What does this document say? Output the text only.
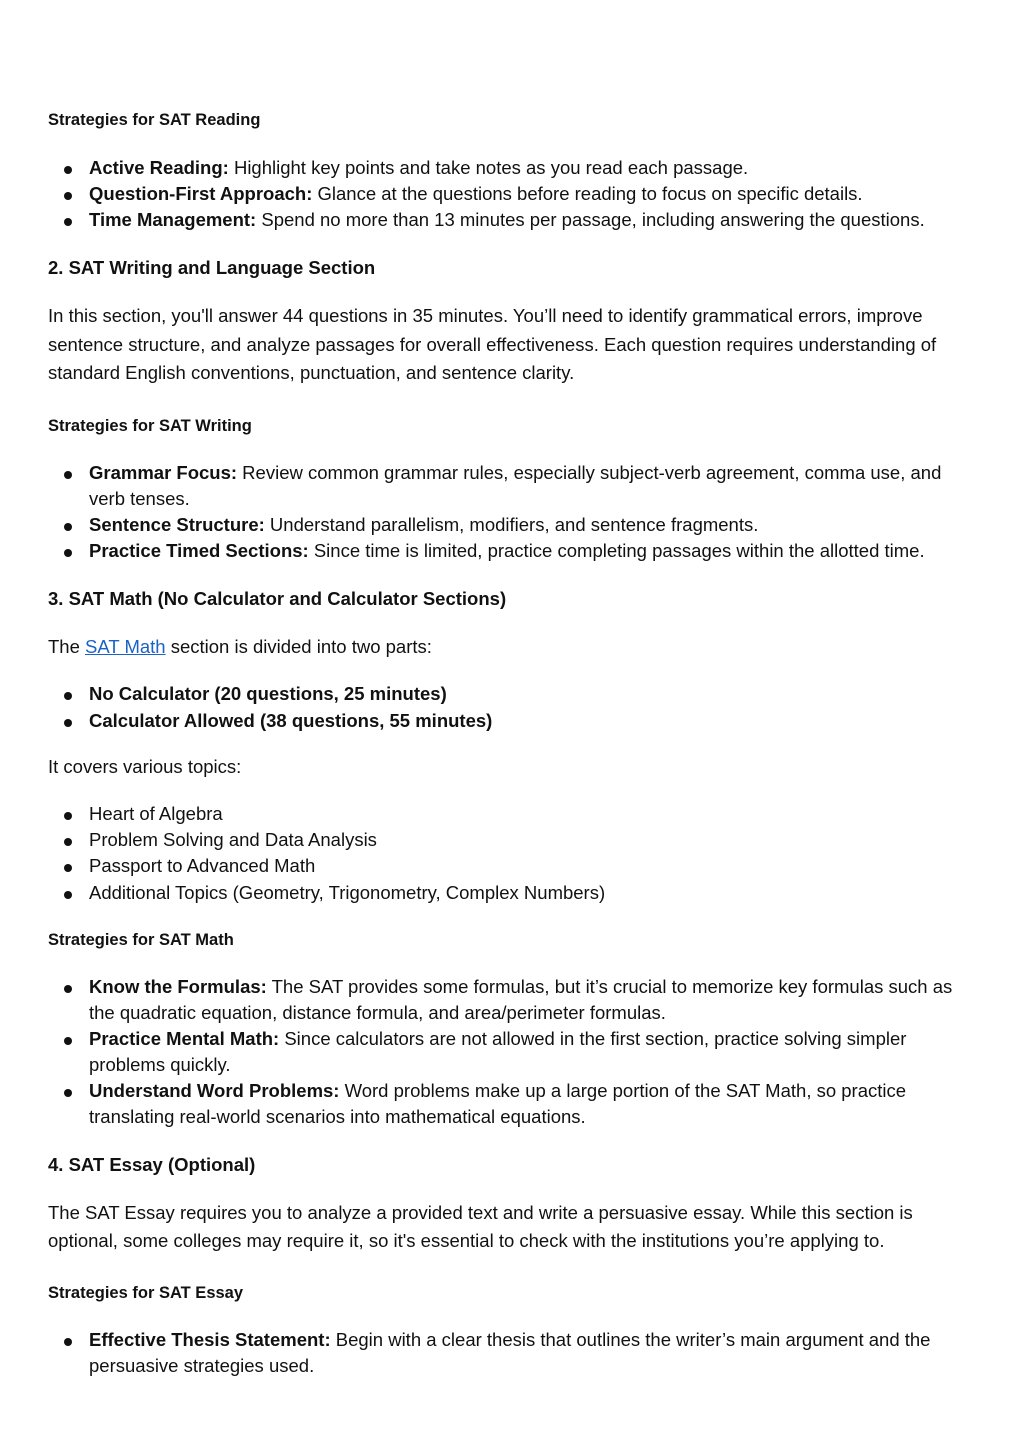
Strategies for SAT Reading

Active Reading: Highlight key points and take notes as you read each passage.
Question-First Approach: Glance at the questions before reading to focus on specific details.
Time Management: Spend no more than 13 minutes per passage, including answering the questions.

2. SAT Writing and Language Section

In this section, you'll answer 44 questions in 35 minutes. You’ll need to identify grammatical errors, improve sentence structure, and analyze passages for overall effectiveness. Each question requires understanding of standard English conventions, punctuation, and sentence clarity.

Strategies for SAT Writing

Grammar Focus: Review common grammar rules, especially subject-verb agreement, comma use, and verb tenses.
Sentence Structure: Understand parallelism, modifiers, and sentence fragments.
Practice Timed Sections: Since time is limited, practice completing passages within the allotted time.

3. SAT Math (No Calculator and Calculator Sections)

The SAT Math section is divided into two parts:

No Calculator (20 questions, 25 minutes)
Calculator Allowed (38 questions, 55 minutes)

It covers various topics:

Heart of Algebra
Problem Solving and Data Analysis
Passport to Advanced Math
Additional Topics (Geometry, Trigonometry, Complex Numbers)

Strategies for SAT Math

Know the Formulas: The SAT provides some formulas, but it’s crucial to memorize key formulas such as the quadratic equation, distance formula, and area/perimeter formulas.
Practice Mental Math: Since calculators are not allowed in the first section, practice solving simpler problems quickly.
Understand Word Problems: Word problems make up a large portion of the SAT Math, so practice translating real-world scenarios into mathematical equations.

4. SAT Essay (Optional)

The SAT Essay requires you to analyze a provided text and write a persuasive essay. While this section is optional, some colleges may require it, so it's essential to check with the institutions you’re applying to.

Strategies for SAT Essay

Effective Thesis Statement: Begin with a clear thesis that outlines the writer’s main argument and the persuasive strategies used.
